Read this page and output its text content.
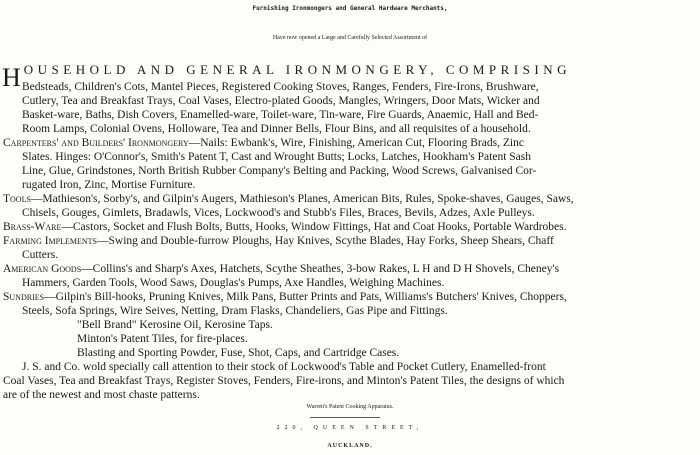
Furnishing Ironmongers and General Hardware Merchants,
Have now opened a Large and Carefully Selected Assortment of
HOUSEHOLD AND GENERAL IRONMONGERY, COMPRISING
Bedsteads, Children's Cots, Mantel Pieces, Registered Cooking Stoves, Ranges, Fenders, Fire-Irons, Brushware,
Cutlery, Tea and Breakfast Trays, Coal Vases, Electro-plated Goods, Mangles, Wringers, Door Mats, Wicker and
Basket-ware, Baths, Dish Covers, Enamelled-ware, Toilet-ware, Tin-ware, Fire Guards, Anaemic, Hall and Bed-
Room Lamps, Colonial Ovens, Holloware, Tea and Dinner Bells, Flour Bins, and all requisites of a household.
Carpenters' and Builders' Ironmongery—Nails: Ewbank's, Wire, Finishing, American Cut, Flooring Brads, Zinc
Slates. Hinges: O'Connor's, Smith's Patent T, Cast and Wrought Butts; Locks, Latches, Hookham's Patent Sash
Line, Glue, Grindstones, North British Rubber Company's Belting and Packing, Wood Screws, Galvanised Cor-
rugated Iron, Zinc, Mortise Furniture.
Tools—Mathieson's, Sorby's, and Gilpin's Augers, Mathieson's Planes, American Bits, Rules, Spoke-shaves, Gauges, Saws,
Chisels, Gouges, Gimlets, Bradawls, Vices, Lockwood's and Stubb's Files, Braces, Bevils, Adzes, Axle Pulleys.
Brass-Ware—Castors, Socket and Flush Bolts, Butts, Hooks, Window Fittings, Hat and Coat Hooks, Portable Wardrobes.
Farming Implements—Swing and Double-furrow Ploughs, Hay Knives, Scythe Blades, Hay Forks, Sheep Shears, Chaff
Cutters.
American Goods—Collins's and Sharp's Axes, Hatchets, Scythe Sheathes, 3-bow Rakes, L H and D H Shovels, Cheney's
Hammers, Garden Tools, Wood Saws, Douglas's Pumps, Axe Handles, Weighing Machines.
Sundries—Gilpin's Bill-hooks, Pruning Knives, Milk Pans, Butter Prints and Pats, Williams's Butchers' Knives, Choppers,
Steels, Sofa Springs, Wire Seives, Netting, Dram Flasks, Chandeliers, Gas Pipe and Fittings.
"Bell Brand" Kerosine Oil, Kerosine Taps.
Minton's Patent Tiles, for fire-places.
Blasting and Sporting Powder, Fuse, Shot, Caps, and Cartridge Cases.
J. S. and Co. wold specially call attention to their stock of Lockwood's Table and Pocket Cutlery, Enamelled-front
Coal Vases, Tea and Breakfast Trays, Register Stoves, Fenders, Fire-irons, and Minton's Patent Tiles, the designs of which
are of the newest and most chaste patterns.
Warren's Patent Cooking Apparatus.
220, QUEEN STREET,
AUCKLAND.
